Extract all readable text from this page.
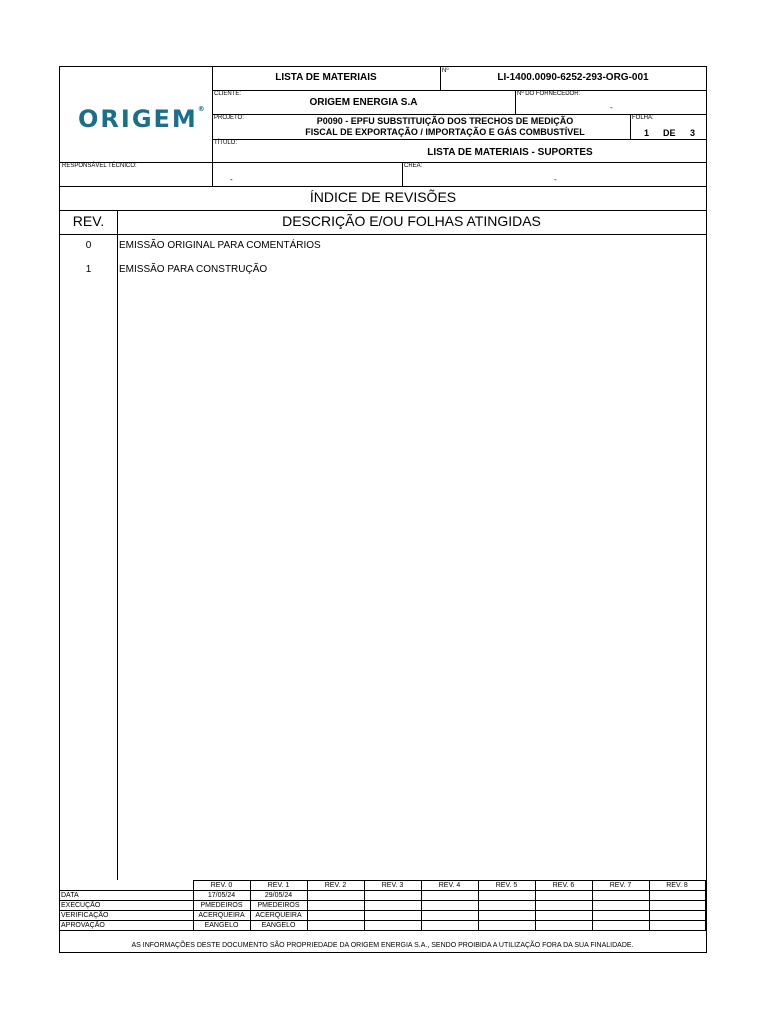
ORIGEM®
LISTA DE MATERIAIS
Nº
LI-1400.0090-6252-293-ORG-001
CLIENTE:
ORIGEM ENERGIA S.A
Nº DO FORNECEDOR:
-
PROJETO:	P0090 - EPFU SUBSTITUIÇÃO DOS TRECHOS DE MEDIÇÃO
FISCAL DE EXPORTAÇÃO / IMPORTAÇÃO E GÁS COMBUSTÍVEL
FOLHA:
1 DE 3
TÍTULO:
LISTA DE MATERIAIS - SUPORTES
RESPONSÁVEL TÉCNICO:
-
CREA:
-
ÍNDICE DE REVISÕES
REV.	DESCRIÇÃO E/OU FOLHAS ATINGIDAS
0	EMISSÃO ORIGINAL PARA COMENTÁRIOS
1	EMISSÃO PARA CONSTRUÇÃO
	REV. 0	REV. 1	REV. 2	REV. 3	REV. 4	REV. 5	REV. 6	REV. 7	REV. 8
DATA	17/05/24	29/05/24							
EXECUÇÃO	PMEDEIROS	PMEDEIROS							
VERIFICAÇÃO	ACERQUEIRA	ACERQUEIRA							
APROVAÇÃO	EANGELO	EANGELO							
AS INFORMAÇÕES DESTE DOCUMENTO SÃO PROPRIEDADE DA ORIGEM ENERGIA S.A., SENDO PROIBIDA A UTILIZAÇÃO FORA DA SUA FINALIDADE.
